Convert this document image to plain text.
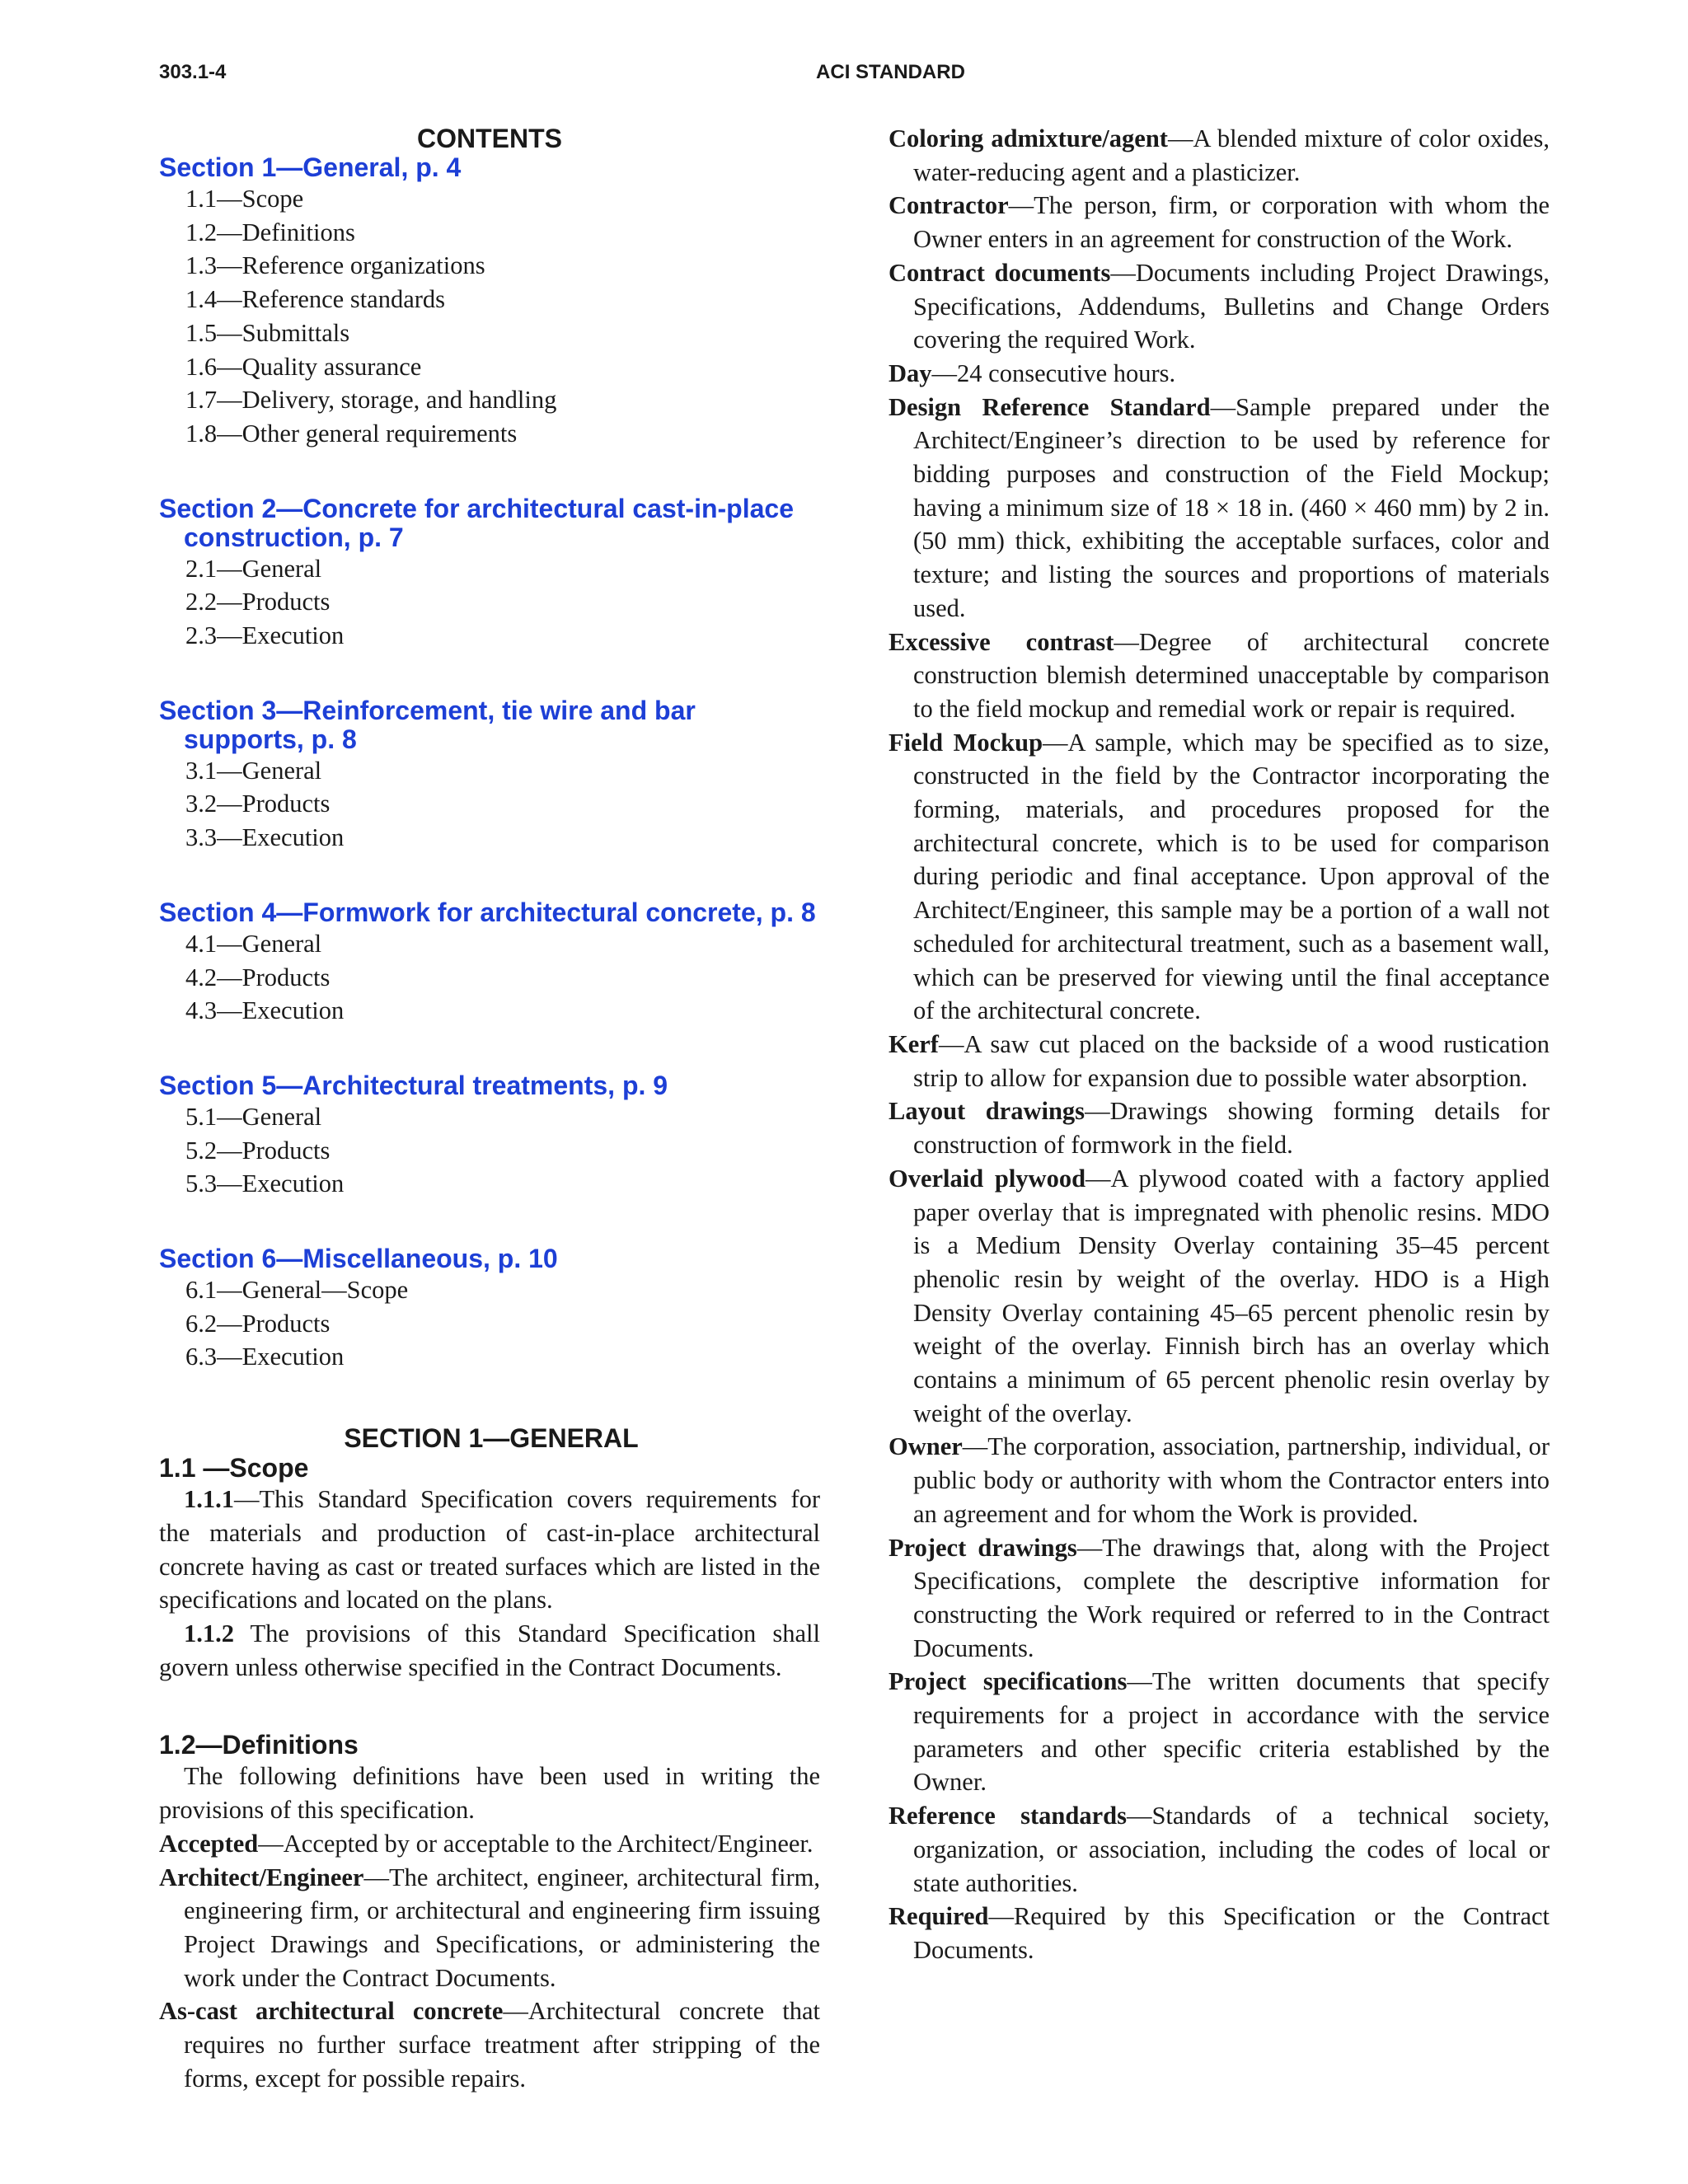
303.1-4	ACI STANDARD
CONTENTS
Section 1—General, p. 4
1.1—Scope
1.2—Definitions
1.3—Reference organizations
1.4—Reference standards
1.5—Submittals
1.6—Quality assurance
1.7—Delivery, storage, and handling
1.8—Other general requirements
Section 2—Concrete for architectural cast-in-place construction, p. 7
2.1—General
2.2—Products
2.3—Execution
Section 3—Reinforcement, tie wire and bar supports, p. 8
3.1—General
3.2—Products
3.3—Execution
Section 4—Formwork for architectural concrete, p. 8
4.1—General
4.2—Products
4.3—Execution
Section 5—Architectural treatments, p. 9
5.1—General
5.2—Products
5.3—Execution
Section 6—Miscellaneous, p. 10
6.1—General—Scope
6.2—Products
6.3—Execution
SECTION 1—GENERAL
1.1 —Scope

1.1.1—This Standard Specification covers requirements for the materials and production of cast-in-place architectural concrete having as cast or treated surfaces which are listed in the specifications and located on the plans.

1.1.2 The provisions of this Standard Specification shall govern unless otherwise specified in the Contract Documents.

1.2—Definitions

The following definitions have been used in writing the provisions of this specification.

Accepted—Accepted by or acceptable to the Architect/Engineer.

Architect/Engineer—The architect, engineer, architectural firm, engineering firm, or architectural and engineering firm issuing Project Drawings and Specifications, or administering the work under the Contract Documents.

As-cast architectural concrete—Architectural concrete that requires no further surface treatment after stripping of the forms, except for possible repairs.

Coloring admixture/agent—A blended mixture of color oxides, water-reducing agent and a plasticizer.

Contractor—The person, firm, or corporation with whom the Owner enters in an agreement for construction of the Work.

Contract documents—Documents including Project Drawings, Specifications, Addendums, Bulletins and Change Orders covering the required Work.

Day—24 consecutive hours.

Design Reference Standard—Sample prepared under the Architect/Engineer’s direction to be used by reference for bidding purposes and construction of the Field Mockup; having a minimum size of 18 × 18 in. (460 × 460 mm) by 2 in. (50 mm) thick, exhibiting the acceptable surfaces, color and texture; and listing the sources and proportions of materials used.

Excessive contrast—Degree of architectural concrete construction blemish determined unacceptable by comparison to the field mockup and remedial work or repair is required.

Field Mockup—A sample, which may be specified as to size, constructed in the field by the Contractor incorporating the forming, materials, and procedures proposed for the architectural concrete, which is to be used for comparison during periodic and final acceptance. Upon approval of the Architect/Engineer, this sample may be a portion of a wall not scheduled for architectural treatment, such as a basement wall, which can be preserved for viewing until the final acceptance of the architectural concrete.

Kerf—A saw cut placed on the backside of a wood rustication strip to allow for expansion due to possible water absorption.

Layout drawings—Drawings showing forming details for construction of formwork in the field.

Overlaid plywood—A plywood coated with a factory applied paper overlay that is impregnated with phenolic resins. MDO is a Medium Density Overlay containing 35–45 percent phenolic resin by weight of the overlay. HDO is a High Density Overlay containing 45–65 percent phenolic resin by weight of the overlay. Finnish birch has an overlay which contains a minimum of 65 percent phenolic resin overlay by weight of the overlay.

Owner—The corporation, association, partnership, individual, or public body or authority with whom the Contractor enters into an agreement and for whom the Work is provided.

Project drawings—The drawings that, along with the Project Specifications, complete the descriptive information for constructing the Work required or referred to in the Contract Documents.

Project specifications—The written documents that specify requirements for a project in accordance with the service parameters and other specific criteria established by the Owner.

Reference standards—Standards of a technical society, organization, or association, including the codes of local or state authorities.

Required—Required by this Specification or the Contract Documents.
